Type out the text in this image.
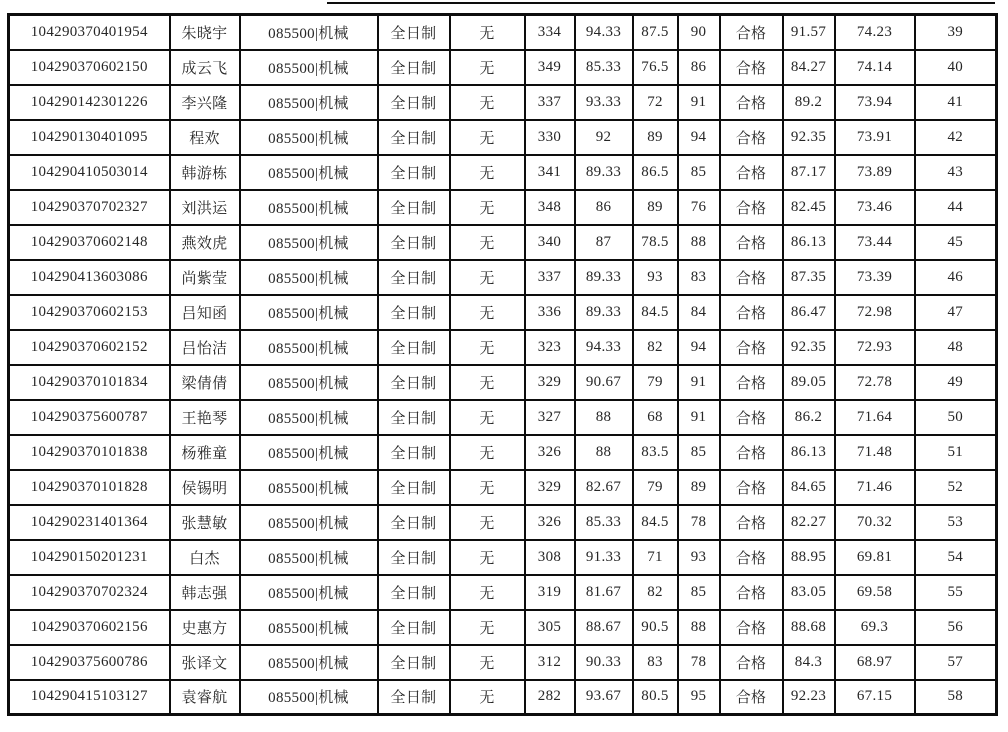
104290370401954	朱晓宇	085500|机械	全日制	无	334	94.33	87.5	90	合格	91.57	74.23	39
104290370602150	成云飞	085500|机械	全日制	无	349	85.33	76.5	86	合格	84.27	74.14	40
104290142301226	李兴隆	085500|机械	全日制	无	337	93.33	72	91	合格	89.2	73.94	41
104290130401095	程欢	085500|机械	全日制	无	330	92	89	94	合格	92.35	73.91	42
104290410503014	韩游栋	085500|机械	全日制	无	341	89.33	86.5	85	合格	87.17	73.89	43
104290370702327	刘洪运	085500|机械	全日制	无	348	86	89	76	合格	82.45	73.46	44
104290370602148	燕效虎	085500|机械	全日制	无	340	87	78.5	88	合格	86.13	73.44	45
104290413603086	尚紫莹	085500|机械	全日制	无	337	89.33	93	83	合格	87.35	73.39	46
104290370602153	吕知函	085500|机械	全日制	无	336	89.33	84.5	84	合格	86.47	72.98	47
104290370602152	吕怡洁	085500|机械	全日制	无	323	94.33	82	94	合格	92.35	72.93	48
104290370101834	梁倩倩	085500|机械	全日制	无	329	90.67	79	91	合格	89.05	72.78	49
104290375600787	王艳琴	085500|机械	全日制	无	327	88	68	91	合格	86.2	71.64	50
104290370101838	杨雅童	085500|机械	全日制	无	326	88	83.5	85	合格	86.13	71.48	51
104290370101828	侯锡明	085500|机械	全日制	无	329	82.67	79	89	合格	84.65	71.46	52
104290231401364	张慧敏	085500|机械	全日制	无	326	85.33	84.5	78	合格	82.27	70.32	53
104290150201231	白杰	085500|机械	全日制	无	308	91.33	71	93	合格	88.95	69.81	54
104290370702324	韩志强	085500|机械	全日制	无	319	81.67	82	85	合格	83.05	69.58	55
104290370602156	史惠方	085500|机械	全日制	无	305	88.67	90.5	88	合格	88.68	69.3	56
104290375600786	张译文	085500|机械	全日制	无	312	90.33	83	78	合格	84.3	68.97	57
104290415103127	袁睿航	085500|机械	全日制	无	282	93.67	80.5	95	合格	92.23	67.15	58
